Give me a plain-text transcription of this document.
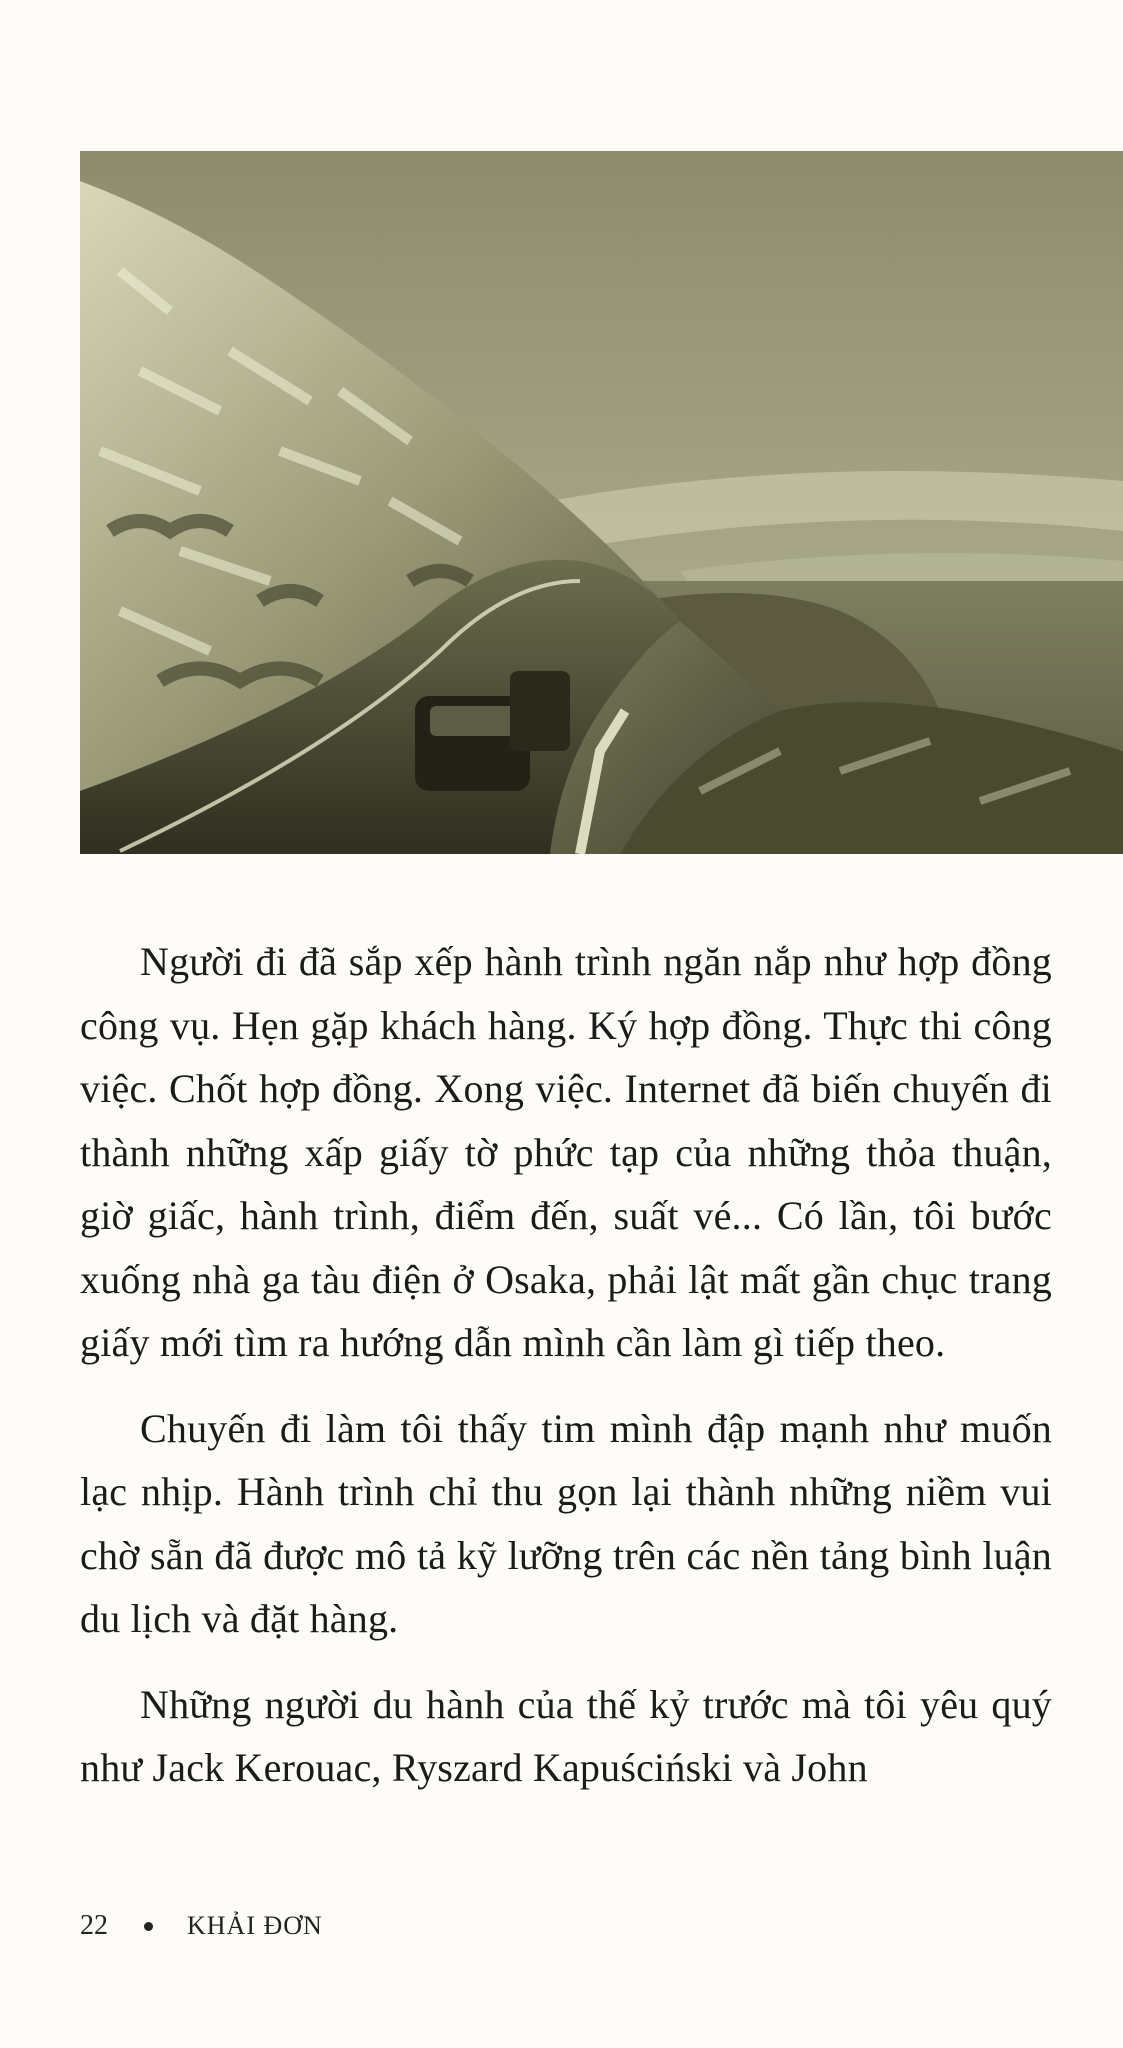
Người đi đã sắp xếp hành trình ngăn nắp như hợp đồng công vụ. Hẹn gặp khách hàng. Ký hợp đồng. Thực thi công việc. Chốt hợp đồng. Xong việc. Internet đã biến chuyến đi thành những xấp giấy tờ phức tạp của những thỏa thuận, giờ giấc, hành trình, điểm đến, suất vé... Có lần, tôi bước xuống nhà ga tàu điện ở Osaka, phải lật mất gần chục trang giấy mới tìm ra hướng dẫn mình cần làm gì tiếp theo.

Chuyến đi làm tôi thấy tim mình đập mạnh như muốn lạc nhịp. Hành trình chỉ thu gọn lại thành những niềm vui chờ sẵn đã được mô tả kỹ lưỡng trên các nền tảng bình luận du lịch và đặt hàng.

Những người du hành của thế kỷ trước mà tôi yêu quý như Jack Kerouac, Ryszard Kapuściński và John

22	KHẢI ĐƠN
